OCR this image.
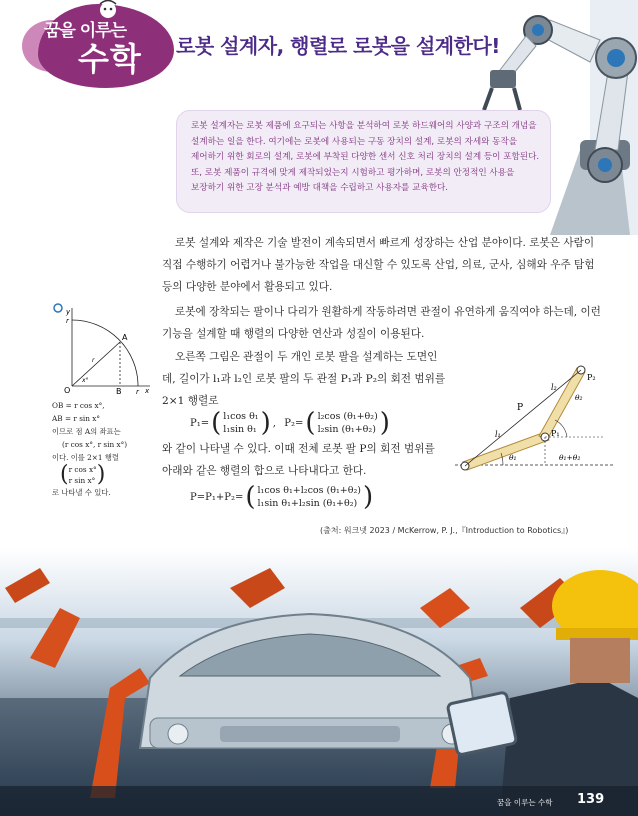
꿈을 이루는
수학 로봇 설계자, 행렬로 로봇을 설계한다!

로봇 설계자는 로봇 제품에 요구되는 사항을 분석하여 로봇 하드웨어의 사양과 구조의 개념을

설계하는 일을 한다. 여기에는 로봇에 사용되는 구동 장치의 설계, 로봇의 자세와 동작을

제어하기 위한 회로의 설계, 로봇에 부착된 다양한 센서 신호 처리 장치의 설계 등이 포함된다.

또, 로봇 제품이 규격에 맞게 제작되었는지 시험하고 평가하며, 로봇의 안정적인 사용을

보장하기 위한 고장 분석과 예방 대책을 수립하고 사용자를 교육한다.

로봇 설계와 제작은 기술 발전이 계속되면서 빠르게 성장하는 산업 분야이다. 로봇은 사람이 직접 수행하기 어렵거나 불가능한 작업을 대신할 수 있도록 산업, 의료, 군사, 심해와 우주 탐험 등의 다양한 분야에서 활용되고 있다.
로봇에 장착되는 팔이나 다리가 원활하게 작동하려면 관절이 유연하게 움직여야 하는데, 이런 기능을 설계할 때 행렬의 다양한 연산과 성질이 이용된다.
오른쪽 그림은 관절이 두 개인 로봇 팔을 설계하는 도면인데, 길이가 l₁과 l₂인 로봇 팔의 두 관절 P₁과 P₂의 회전 범위를 2×1 행렬로
P₁= ( l₁cos θ₁
l₁sin θ₁ ) , P₂= ( l₂cos (θ₁+θ₂)
l₂sin (θ₁+θ₂) )
와 같이 나타낼 수 있다. 이때 전체 로봇 팔 P의 회전 범위를 아래와 같은 행렬의 합으로 나타내다고 한다.
P=P₁+P₂= ( l₁cos θ₁+l₂cos (θ₁+θ₂)
l₁sin θ₁+l₂sin (θ₁+θ₂) )
(출처: 워크넷 2023 / McKerrow, P. J.,『Introduction to Robotics』)
y
r
A
O	B r x
x°
r
OB = r cos x°,
AB = r sin x°
이므로 점 A의 좌표는
(r cos x°, r sin x°)
이다. 이를 2×1 행렬
( r cos x°
r sin x° )
로 나타낼 수 있다.
P
P₁
P₂
l₁
l₂
θ₁
θ₂
θ₁+θ₂
꿈을 이루는 수학 139
